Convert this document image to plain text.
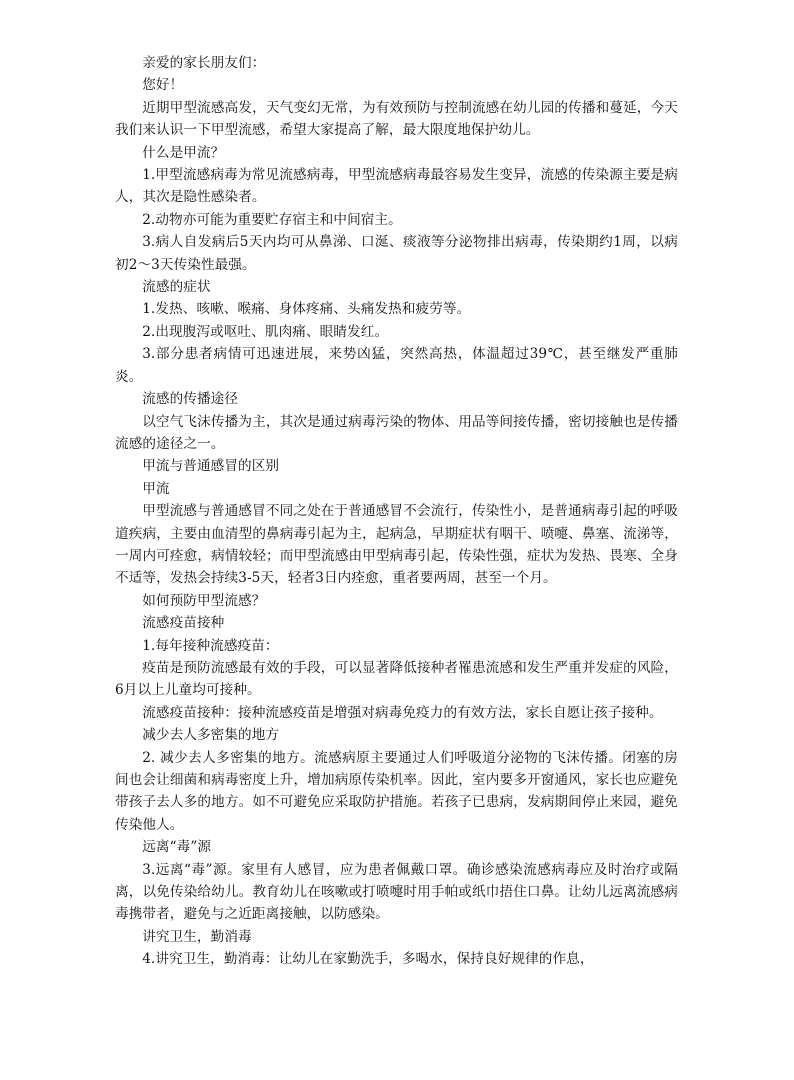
亲爱的家长朋友们：

您好！

近期甲型流感高发，天气变幻无常，为有效预防与控制流感在幼儿园的传播和蔓延，今天我们来认识一下甲型流感，希望大家提高了解，最大限度地保护幼儿。

什么是甲流？

1.甲型流感病毒为常见流感病毒，甲型流感病毒最容易发生变异，流感的传染源主要是病人，其次是隐性感染者。

2.动物亦可能为重要贮存宿主和中间宿主。

3.病人自发病后5天内均可从鼻涕、口涎、痰液等分泌物排出病毒，传染期约1周，以病初2～3天传染性最强。

流感的症状

1.发热、咳嗽、喉痛、身体疼痛、头痛发热和疲劳等。

2.出现腹泻或呕吐、肌肉痛、眼睛发红。

3.部分患者病情可迅速进展，来势凶猛，突然高热，体温超过39℃，甚至继发严重肺炎。

流感的传播途径

以空气飞沫传播为主，其次是通过病毒污染的物体、用品等间接传播，密切接触也是传播流感的途径之一。

甲流与普通感冒的区别

甲流

甲型流感与普通感冒不同之处在于普通感冒不会流行，传染性小，是普通病毒引起的呼吸道疾病，主要由血清型的鼻病毒引起为主，起病急，早期症状有咽干、喷嚏、鼻塞、流涕等，一周内可痊愈，病情较轻；而甲型流感由甲型病毒引起，传染性强，症状为发热、畏寒、全身不适等，发热会持续3-5天，轻者3日内痊愈，重者要两周，甚至一个月。

如何预防甲型流感？

流感疫苗接种

1.每年接种流感疫苗：

疫苗是预防流感最有效的手段，可以显著降低接种者罹患流感和发生严重并发症的风险，6月以上儿童均可接种。

流感疫苗接种：接种流感疫苗是增强对病毒免疫力的有效方法，家长自愿让孩子接种。

减少去人多密集的地方

2. 减少去人多密集的地方。流感病原主要通过人们呼吸道分泌物的飞沫传播。闭塞的房间也会让细菌和病毒密度上升，增加病原传染机率。因此，室内要多开窗通风，家长也应避免带孩子去人多的地方。如不可避免应采取防护措施。若孩子已患病，发病期间停止来园，避免传染他人。

远离“毒”源

3.远离“毒”源。家里有人感冒，应为患者佩戴口罩。确诊感染流感病毒应及时治疗或隔离，以免传染给幼儿。教育幼儿在咳嗽或打喷嚏时用手帕或纸巾捂住口鼻。让幼儿远离流感病毒携带者，避免与之近距离接触，以防感染。

讲究卫生，勤消毒

4.讲究卫生，勤消毒：让幼儿在家勤洗手，多喝水，保持良好规律的作息，
